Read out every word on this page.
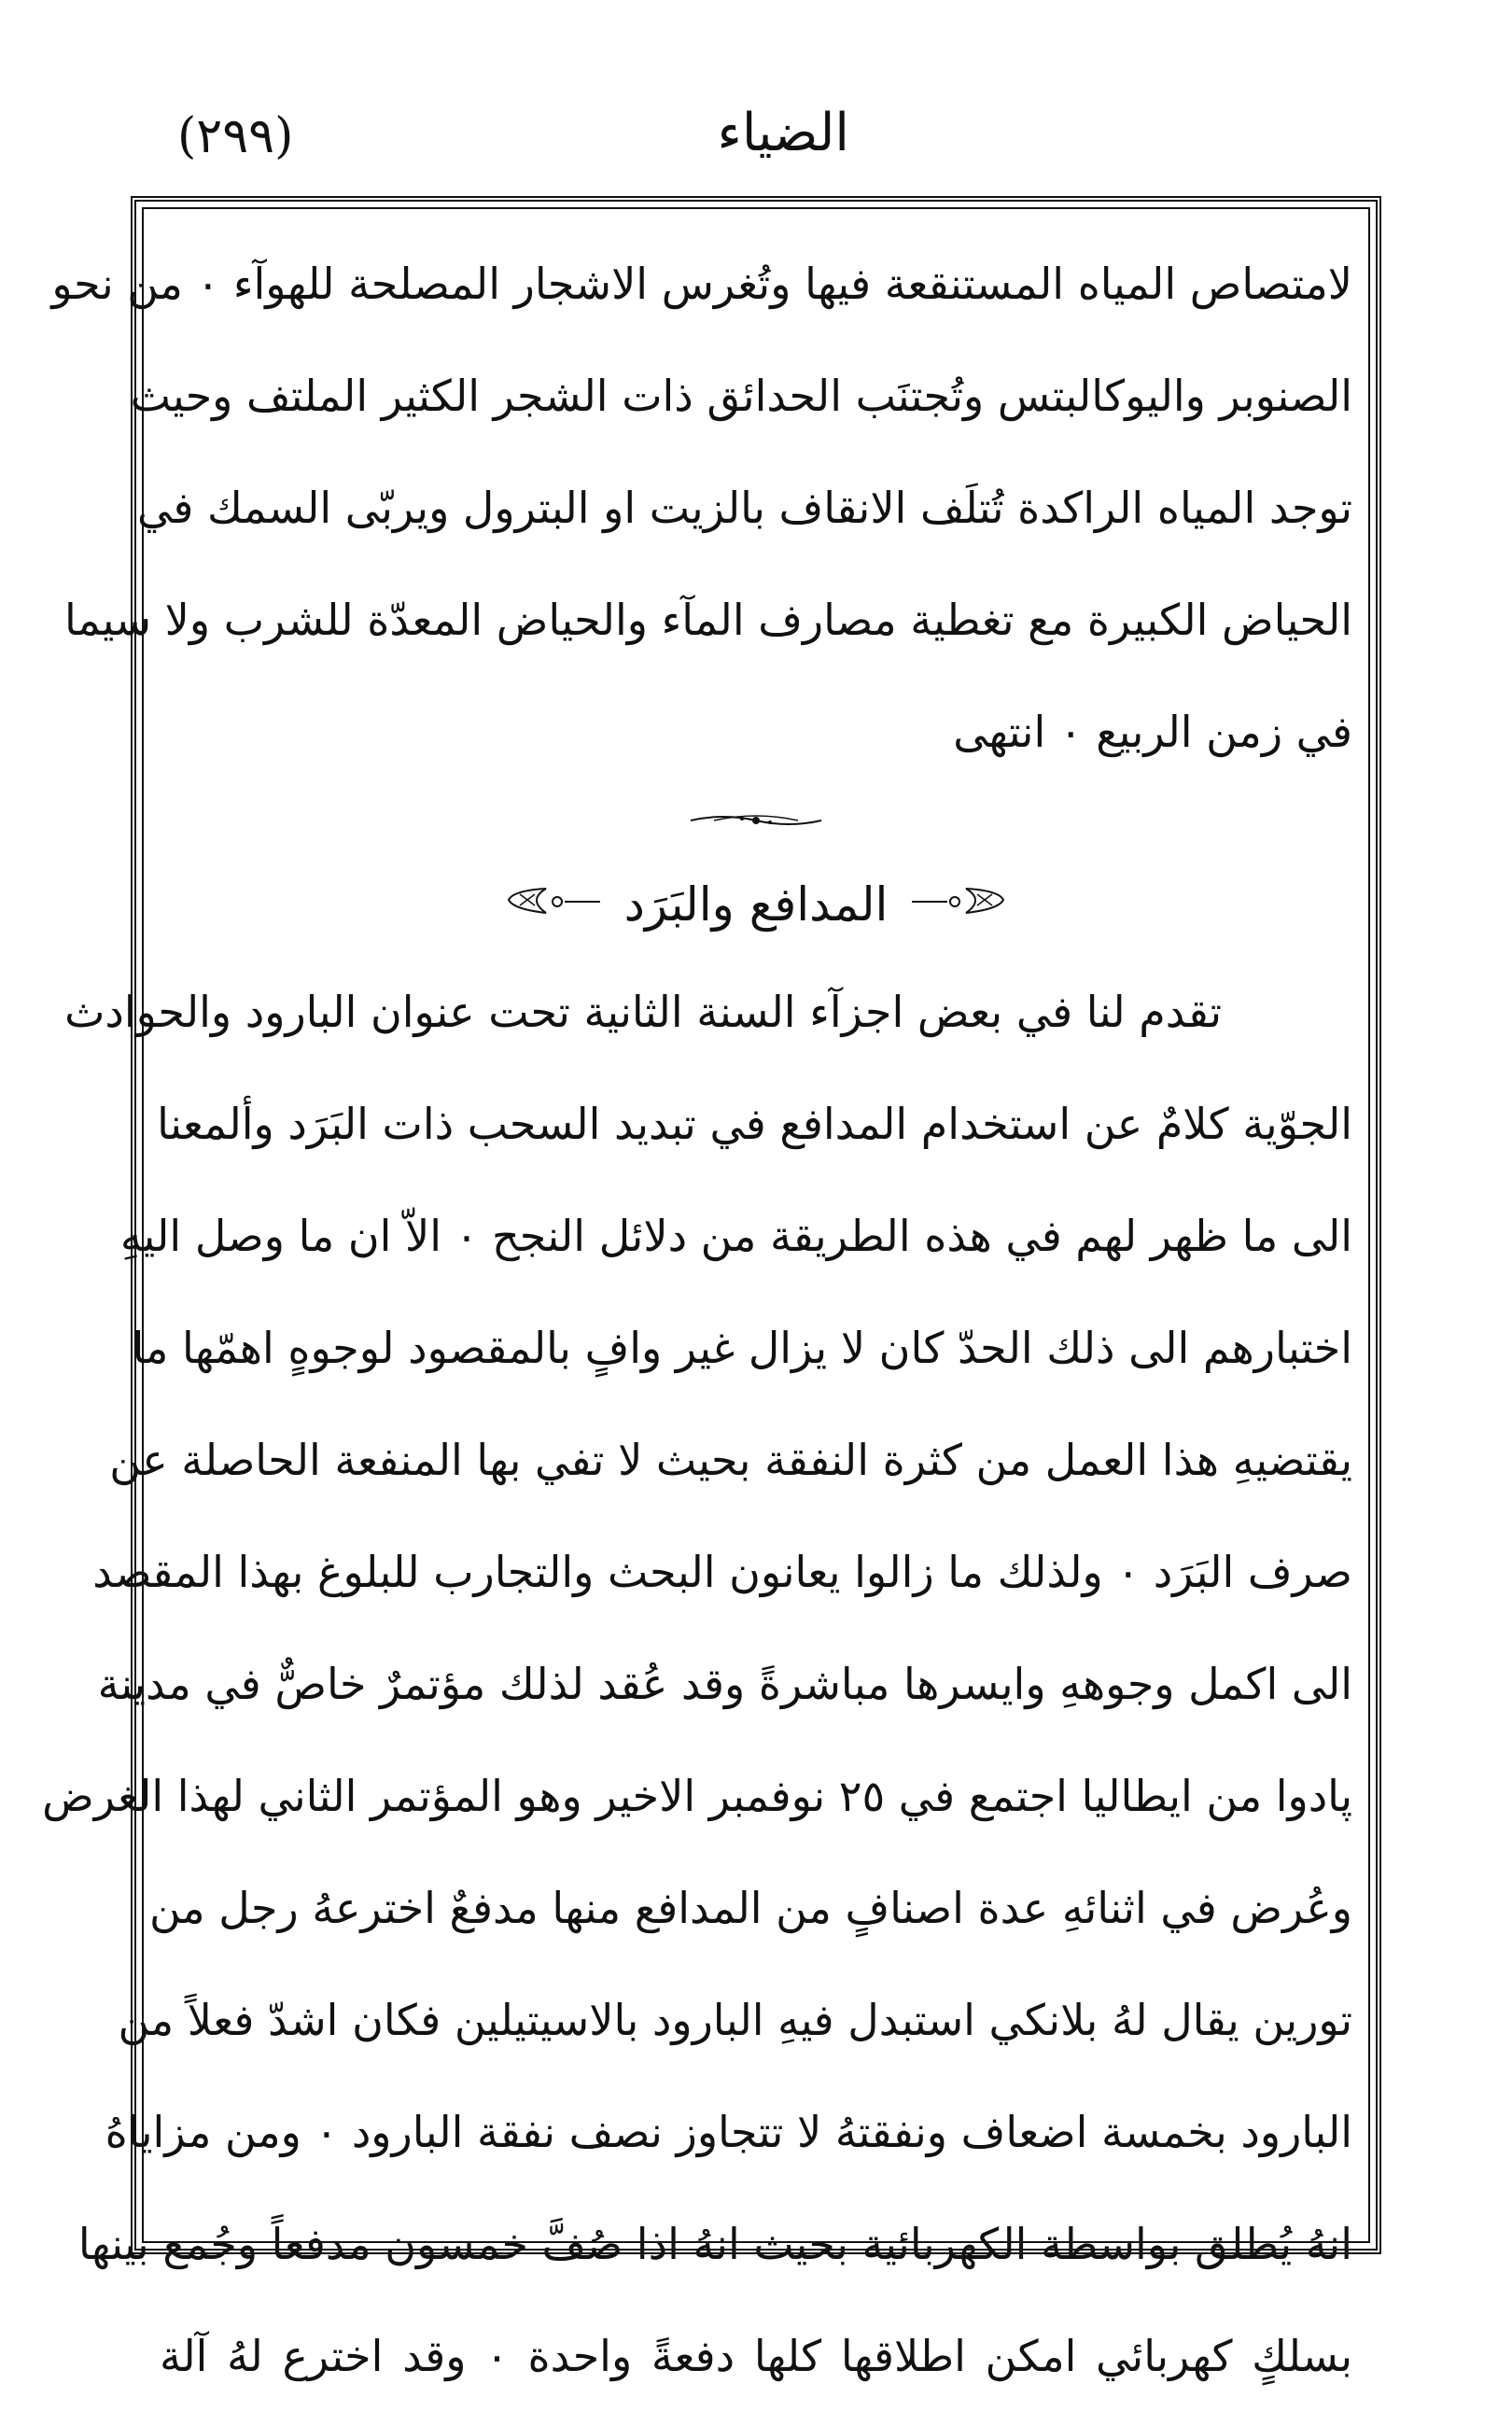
الضياء
(٢٩٩)
لامتصاص المياه المستنقعة فيها وتُغرس الاشجار المصلحة للهوآء ٠ من نحو
الصنوبر واليوكالبتس وتُجتنَب الحدائق ذات الشجر الكثير الملتف وحيث
توجد المياه الراكدة تُتلَف الانقاف بالزيت او البترول ويربّى السمك في
الحياض الكبيرة مع تغطية مصارف المآء والحياض المعدّة للشرب ولا سيما
في زمن الربيع ٠ انتهى
المدافع والبَرَد
تقدم لنا في بعض اجزآء السنة الثانية تحت عنوان البارود والحوادث
الجوّية كلامٌ عن استخدام المدافع في تبديد السحب ذات البَرَد وألمعنا
الى ما ظهر لهم في هذه الطريقة من دلائل النجح ٠ الاّ ان ما وصل اليهِ
اختبارهم الى ذلك الحدّ كان لا يزال غير وافٍ بالمقصود لوجوهٍ اهمّها ما
يقتضيهِ هذا العمل من كثرة النفقة بحيث لا تفي بها المنفعة الحاصلة عن
صرف البَرَد ٠ ولذلك ما زالوا يعانون البحث والتجارب للبلوغ بهذا المقصد
الى اكمل وجوههِ وايسرها مباشرةً وقد عُقد لذلك مؤتمرٌ خاصٌّ في مدينة
پادوا من ايطاليا اجتمع في ٢٥ نوفمبر الاخير وهو المؤتمر الثاني لهذا الغرض
وعُرض في اثنائهِ عدة اصنافٍ من المدافع منها مدفعٌ اخترعهُ رجل من
تورين يقال لهُ بلانكي استبدل فيهِ البارود بالاسيتيلين فكان اشدّ فعلاً من
البارود بخمسة اضعاف ونفقتهُ لا تتجاوز نصف نفقة البارود ٠ ومن مزاياهُ
انهُ يُطلق بواسطة الكهربائية بحيث انهُ اذا صُفَّ خمسون مدفعاً وجُمع بينها
بسلكٍ كهربائي امكن اطلاقها كلها دفعةً واحدة ٠ وقد اخترع لهُ آلة
